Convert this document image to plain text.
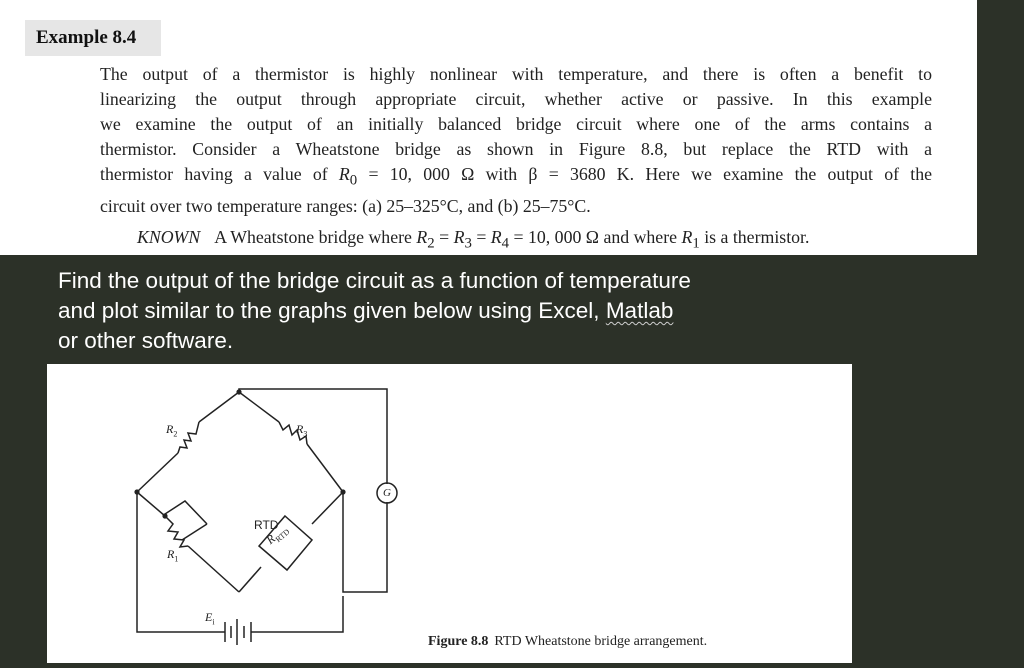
Example 8.4
The output of a thermistor is highly nonlinear with temperature, and there is often a benefit to
linearizing the output through appropriate circuit, whether active or passive. In this example
we examine the output of an initially balanced bridge circuit where one of the arms contains a
thermistor. Consider a Wheatstone bridge as shown in Figure 8.8, but replace the RTD with a
thermistor having a value of $R_0 = 10$, 000 Ω with β = 3680 K. Here we examine the output of the
circuit over two temperature ranges: (a) 25–325°C, and (b) 25–75°C.
KNOWN A Wheatstone bridge where $R_2 = R_3 = R_4 = 10$, 000 Ω and where $R_1$ is a thermistor.
Find the output of the bridge circuit as a function of temperature
and plot similar to the graphs given below using Excel, Matlab
or other software.
$R_2$	$R_3$
$R_1$
RTD
$R_{RTD}$
$E_i$
G
Figure 8.8 RTD Wheatstone bridge arrangement.
